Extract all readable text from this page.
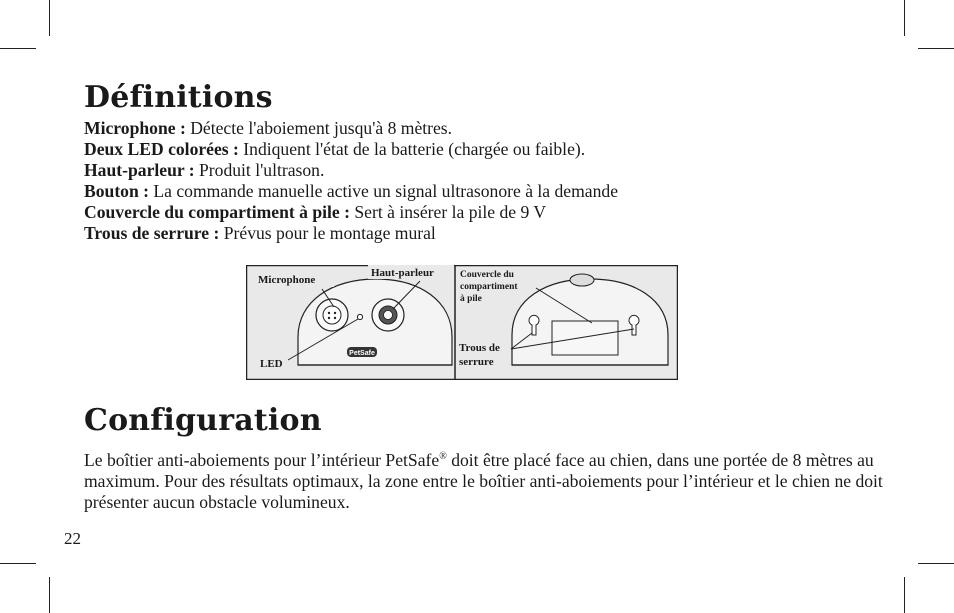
Définitions
Microphone : Détecte l'aboiement jusqu'à 8 mètres.
Deux LED colorées : Indiquent l'état de la batterie (chargée ou faible).
Haut-parleur : Produit l'ultrason.
Bouton : La commande manuelle active un signal ultrasonore à la demande
Couvercle du compartiment à pile : Sert à insérer la pile de 9 V
Trous de serrure : Prévus pour le montage mural
PetSafe
Microphone
Haut-parleur
LED
Couvercle du
compartiment
à pile
Trous de
serrure
Configuration
Le boîtier anti-aboiements pour l’intérieur PetSafe® doit être placé face au chien, dans une portée de 8 mètres au maximum. Pour des résultats optimaux, la zone entre le boîtier anti-aboiements pour l’intérieur et le chien ne doit présenter aucun obstacle volumineux.
22
